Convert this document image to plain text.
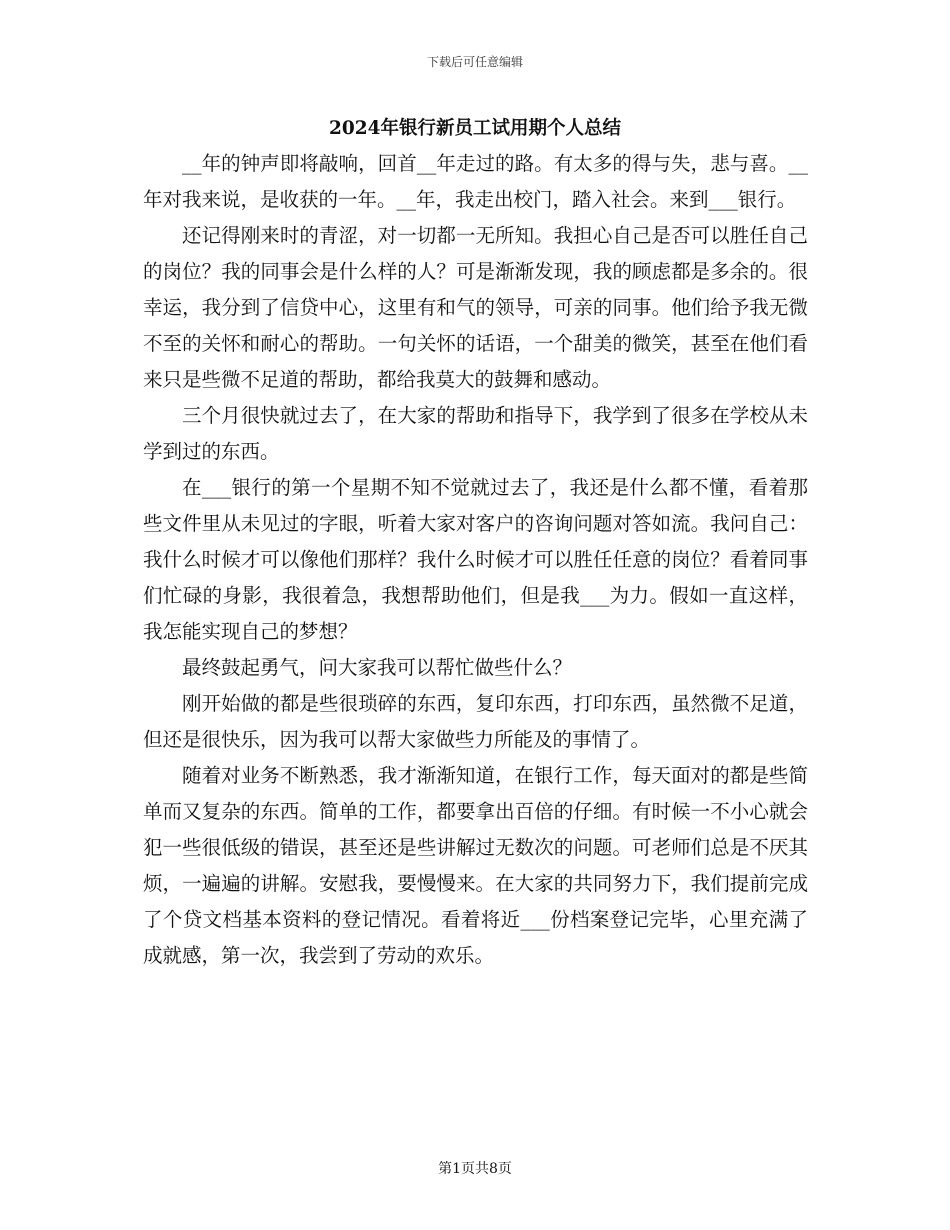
下载后可任意编辑
2024年银行新员工试用期个人总结

__年的钟声即将敲响，回首__年走过的路。有太多的得与失，悲与喜。__年对我来说，是收获的一年。__年，我走出校门，踏入社会。来到___银行。

还记得刚来时的青涩，对一切都一无所知。我担心自己是否可以胜任自己的岗位？我的同事会是什么样的人？可是渐渐发现，我的顾虑都是多余的。很幸运，我分到了信贷中心，这里有和气的领导，可亲的同事。他们给予我无微不至的关怀和耐心的帮助。一句关怀的话语，一个甜美的微笑，甚至在他们看来只是些微不足道的帮助，都给我莫大的鼓舞和感动。

三个月很快就过去了，在大家的帮助和指导下，我学到了很多在学校从未学到过的东西。

在___银行的第一个星期不知不觉就过去了，我还是什么都不懂，看着那些文件里从未见过的字眼，听着大家对客户的咨询问题对答如流。我问自己：我什么时候才可以像他们那样？我什么时候才可以胜任任意的岗位？看着同事们忙碌的身影，我很着急，我想帮助他们，但是我___为力。假如一直这样，我怎能实现自己的梦想？

最终鼓起勇气，问大家我可以帮忙做些什么？

刚开始做的都是些很琐碎的东西，复印东西，打印东西，虽然微不足道，但还是很快乐，因为我可以帮大家做些力所能及的事情了。

随着对业务不断熟悉，我才渐渐知道，在银行工作，每天面对的都是些简单而又复杂的东西。简单的工作，都要拿出百倍的仔细。有时候一不小心就会犯一些很低级的错误，甚至还是些讲解过无数次的问题。可老师们总是不厌其烦，一遍遍的讲解。安慰我，要慢慢来。在大家的共同努力下，我们提前完成了个贷文档基本资料的登记情况。看着将近___份档案登记完毕，心里充满了成就感，第一次，我尝到了劳动的欢乐。

第1页共8页
